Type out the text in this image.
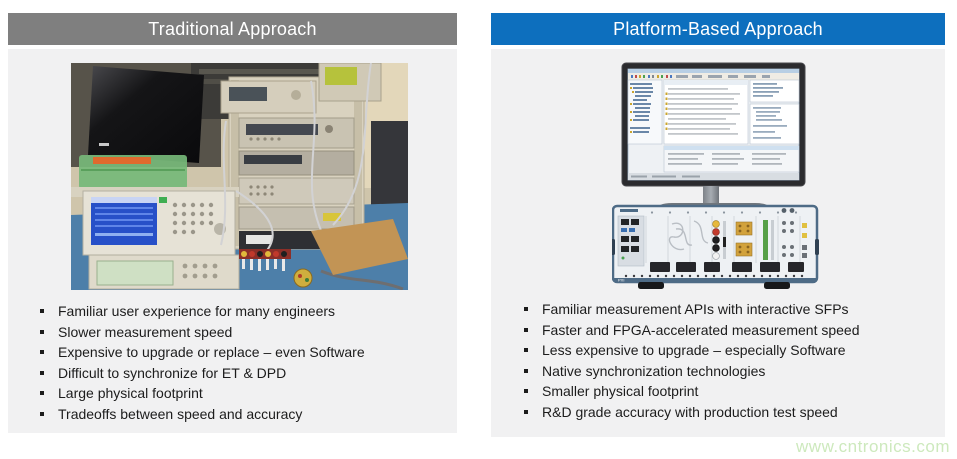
Traditional Approach
Familiar user experience for many engineers
Slower measurement speed
Expensive to upgrade or replace – even Software
Difficult to synchronize for ET & DPD
Large physical footprint
Tradeoffs between speed and accuracy
Platform-Based Approach
PXI
Familiar measurement APIs with interactive SFPs
Faster and FPGA-accelerated measurement speed
Less expensive to upgrade – especially Software
Native synchronization technologies
Smaller physical footprint
R&D grade accuracy with production test speed
www.cntronics.com
